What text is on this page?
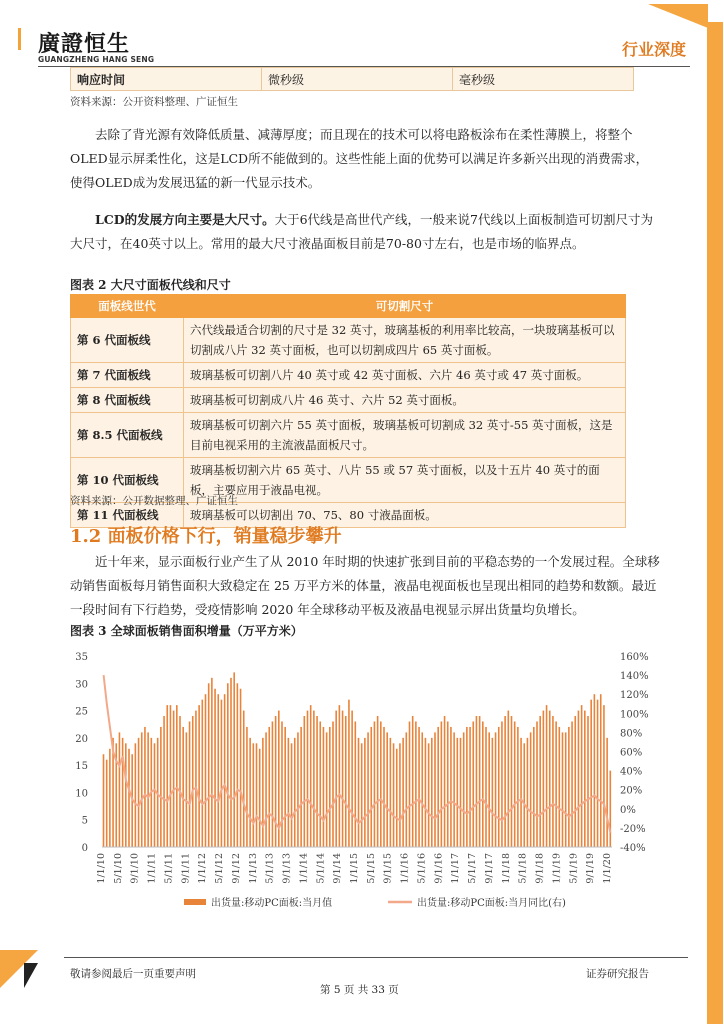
廣證恒生
GUANGZHENG HANG SENG
行业深度
响应时间	微秒级	毫秒级
资料来源：公开资料整理、广证恒生
去除了背光源有效降低质量、减薄厚度；而且现在的技术可以将电路板涂布在柔性薄膜上，将整个OLED显示屏柔性化，这是LCD所不能做到的。这些性能上面的优势可以满足许多新兴出现的消费需求，使得OLED成为发展迅猛的新一代显示技术。
LCD的发展方向主要是大尺寸。大于6代线是高世代产线，一般来说7代线以上面板制造可切割尺寸为大尺寸，在40英寸以上。常用的最大尺寸液晶面板目前是70-80寸左右，也是市场的临界点。
图表 2 大尺寸面板代线和尺寸
面板线世代	可切割尺寸
第 6 代面板线	六代线最适合切割的尺寸是 32 英寸，玻璃基板的利用率比较高，一块玻璃基板可以切割成八片 32 英寸面板，也可以切割成四片 65 英寸面板。
第 7 代面板线	玻璃基板可切割八片 40 英寸或 42 英寸面板、六片 46 英寸或 47 英寸面板。
第 8 代面板线	玻璃基板可切割成八片 46 英寸、六片 52 英寸面板。
第 8.5 代面板线	玻璃基板可切割六片 55 英寸面板，玻璃基板可切割成 32 英寸-55 英寸面板，这是目前电视采用的主流液晶面板尺寸。
第 10 代面板线	玻璃基板切割六片 65 英寸、八片 55 或 57 英寸面板，以及十五片 40 英寸的面板，主要应用于液晶电视。
第 11 代面板线	玻璃基板可以切割出 70、75、80 寸液晶面板。
资料来源：公开数据整理、广证恒生
1.2 面板价格下行，销量稳步攀升
近十年来，显示面板行业产生了从 2010 年时期的快速扩张到目前的平稳态势的一个发展过程。全球移动销售面板每月销售面积大致稳定在 25 万平方米的体量，液晶电视面板也呈现出相同的趋势和数额。最近一段时间有下行趋势，受疫情影响 2020 年全球移动平板及液晶电视显示屏出货量均负增长。
图表 3 全球面板销售面积增量（万平方米）
35
30
25
20
15
10
5
0
160%
140%
120%
100%
80%
60%
40%
20%
0%
-20%
-40%
1/1/10 5/1/10 9/1/10 1/1/11 5/1/11 9/1/11 1/1/12 5/1/12 9/1/12 1/1/13 5/1/13 9/1/13 1/1/14 5/1/14 9/1/14 1/1/15 5/1/15 9/1/15 1/1/16 5/1/16 9/1/16 1/1/17 5/1/17 9/1/17 1/1/18 5/1/18 9/1/18 1/1/19 5/1/19 9/1/19 1/1/20
出货量:移动PC面板:当月值	出货量:移动PC面板:当月同比(右)
敬请参阅最后一页重要声明	证券研究报告
第 5 页 共 33 页
